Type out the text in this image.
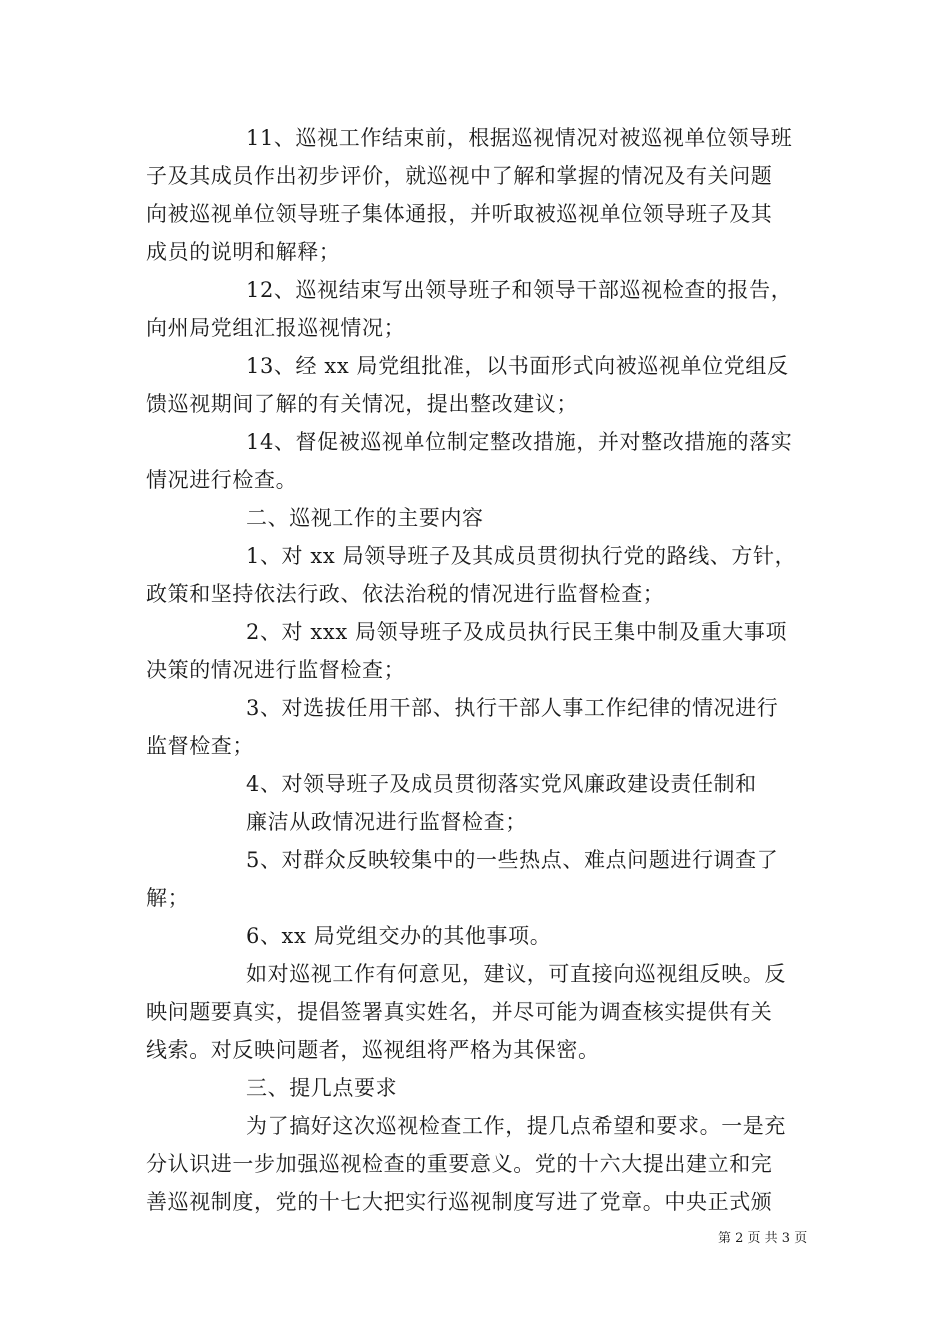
11、巡视工作结束前，根据巡视情况对被巡视单位领导班
子及其成员作出初步评价，就巡视中了解和掌握的情况及有关问题
向被巡视单位领导班子集体通报，并听取被巡视单位领导班子及其
成员的说明和解释；
12、巡视结束写出领导班子和领导干部巡视检查的报告，
向州局党组汇报巡视情况；
13、经 xx 局党组批准，以书面形式向被巡视单位党组反
馈巡视期间了解的有关情况，提出整改建议；
14、督促被巡视单位制定整改措施，并对整改措施的落实
情况进行检查。
二、巡视工作的主要内容
1、对 xx 局领导班子及其成员贯彻执行党的路线、方针，
政策和坚持依法行政、依法治税的情况进行监督检查；
2、对 xxx 局领导班子及成员执行民王集中制及重大事项
决策的情况进行监督检查；
3、对选拔任用干部、执行干部人事工作纪律的情况进行
监督检查；
4、对领导班子及成员贯彻落实党风廉政建设责任制和
廉洁从政情况进行监督检查；
5、对群众反映较集中的一些热点、难点问题进行调查了
解；
6、xx 局党组交办的其他事项。
如对巡视工作有何意见，建议，可直接向巡视组反映。反
映问题要真实，提倡签署真实姓名，并尽可能为调查核实提供有关
线索。对反映问题者，巡视组将严格为其保密。
三、提几点要求
为了搞好这次巡视检查工作，提几点希望和要求。一是充
分认识进一步加强巡视检查的重要意义。党的十六大提出建立和完
善巡视制度，党的十七大把实行巡视制度写进了党章。中央正式颁
第 2 页 共 3 页
